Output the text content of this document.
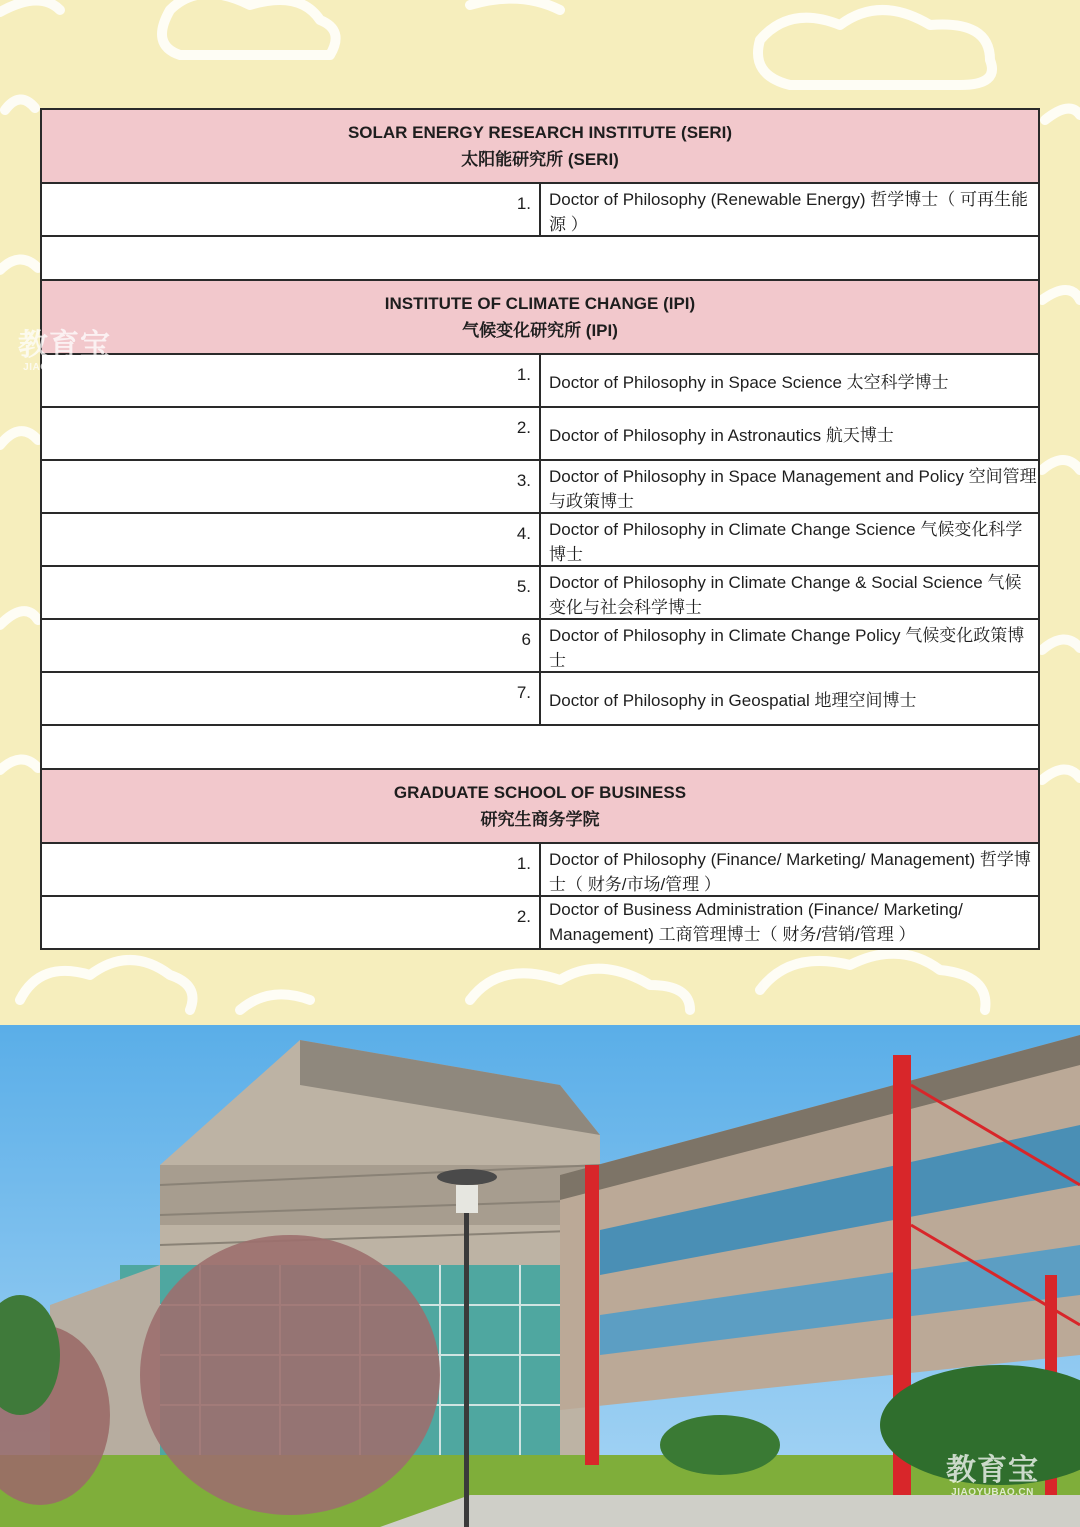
SOLAR ENERGY RESEARCH INSTITUTE (SERI)
太阳能研究所 (SERI)	

1.	Doctor of Philosophy (Renewable Energy) 哲学博士（ 可再生能源 ）

INSTITUTE OF CLIMATE CHANGE (IPI)
气候变化研究所 (IPI)	

1.	Doctor of Philosophy in Space Science 太空科学博士
2.	Doctor of Philosophy in Astronautics 航天博士
3.	Doctor of Philosophy in Space Management and Policy 空间管理与政策博士
4.	Doctor of Philosophy in Climate Change Science 气候变化科学博士
5.	Doctor of Philosophy in Climate Change & Social Science 气候变化与社会科学博士
6	Doctor of Philosophy in Climate Change Policy 气候变化政策博士
7.	Doctor of Philosophy in Geospatial 地理空间博士

GRADUATE SCHOOL OF BUSINESS
研究生商务学院	

1.	Doctor of Philosophy (Finance/ Marketing/ Management) 哲学博士（ 财务/市场/管理 ）
2.	Doctor of Business Administration (Finance/ Marketing/ Management) 工商管理博士（ 财务/营销/管理 ）
教育宝
JIAOYUBAO.CN
教育宝
JIAOYUBAO.CN
教育宝
JIAOYUBAO.CN
